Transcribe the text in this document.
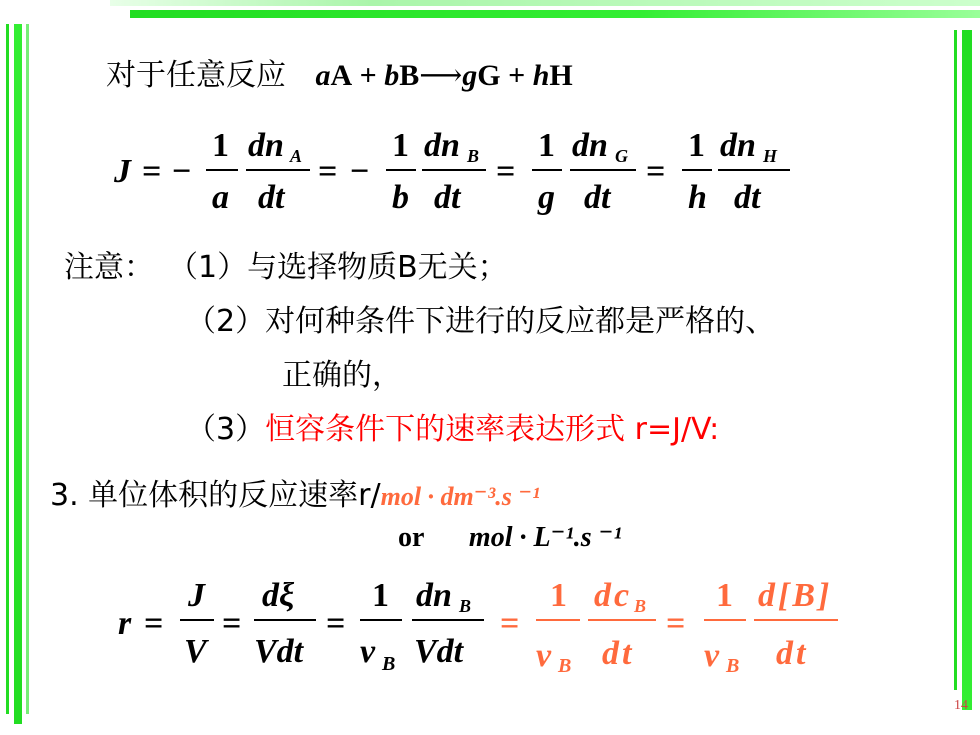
对于任意反应 aA + bB⟶gG + hH
J = −
1
a
dn A
dt
= −
1
b
dn B
dt
=
1
g
dn G
dt
=
1
h
dn H
dt
注意： （1）与选择物质B无关；
（2）对何种条件下进行的反应都是严格的、
正确的，
（3）恒容条件下的速率表达形式 r=J/V:
3. 单位体积的反应速率r/mol · dm⁻³.s ⁻¹
or mol · L⁻¹.s ⁻¹
r =
J
V
=
dξ
Vdt
=
1
ν B
dn B
Vdt
=
1
ν B
dc B
dt
=
1
ν B
d[B]
dt
14
